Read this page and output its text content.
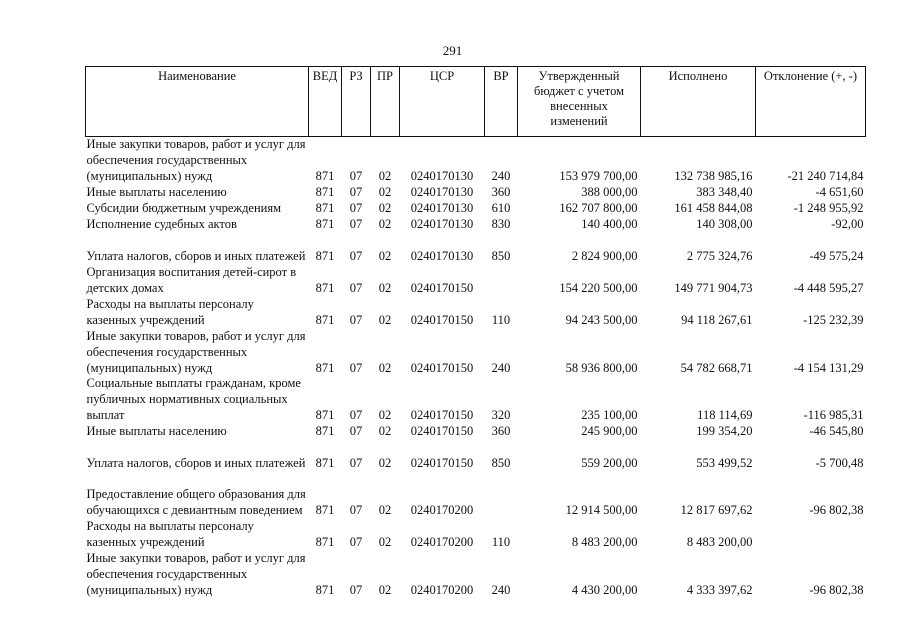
291
Наименование	ВЕД	РЗ	ПР	ЦСР	ВР	Утвержденный бюджет с учетом внесенных изменений	Исполнено	Отклонение (+, -)
Иные закупки товаров, работ и услуг для обеспечения государственных (муниципальных) нужд	871	07	02	0240170130	240	153 979 700,00	132 738 985,16	-21 240 714,84
Иные выплаты населению	871	07	02	0240170130	360	388 000,00	383 348,40	-4 651,60
Субсидии бюджетным учреждениям	871	07	02	0240170130	610	162 707 800,00	161 458 844,08	-1 248 955,92
Исполнение судебных актов	871	07	02	0240170130	830	140 400,00	140 308,00	-92,00
Уплата налогов, сборов и иных платежей	871	07	02	0240170130	850	2 824 900,00	2 775 324,76	-49 575,24
Организация воспитания детей-сирот в детских домах	871	07	02	0240170150		154 220 500,00	149 771 904,73	-4 448 595,27
Расходы на выплаты персоналу казенных учреждений	871	07	02	0240170150	110	94 243 500,00	94 118 267,61	-125 232,39
Иные закупки товаров, работ и услуг для обеспечения государственных (муниципальных) нужд	871	07	02	0240170150	240	58 936 800,00	54 782 668,71	-4 154 131,29
Социальные выплаты гражданам, кроме публичных нормативных социальных выплат	871	07	02	0240170150	320	235 100,00	118 114,69	-116 985,31
Иные выплаты населению	871	07	02	0240170150	360	245 900,00	199 354,20	-46 545,80
Уплата налогов, сборов и иных платежей	871	07	02	0240170150	850	559 200,00	553 499,52	-5 700,48
Предоставление общего образования для обучающихся с девиантным поведением	871	07	02	0240170200		12 914 500,00	12 817 697,62	-96 802,38
Расходы на выплаты персоналу казенных учреждений	871	07	02	0240170200	110	8 483 200,00	8 483 200,00	
Иные закупки товаров, работ и услуг для обеспечения государственных (муниципальных) нужд	871	07	02	0240170200	240	4 430 200,00	4 333 397,62	-96 802,38
